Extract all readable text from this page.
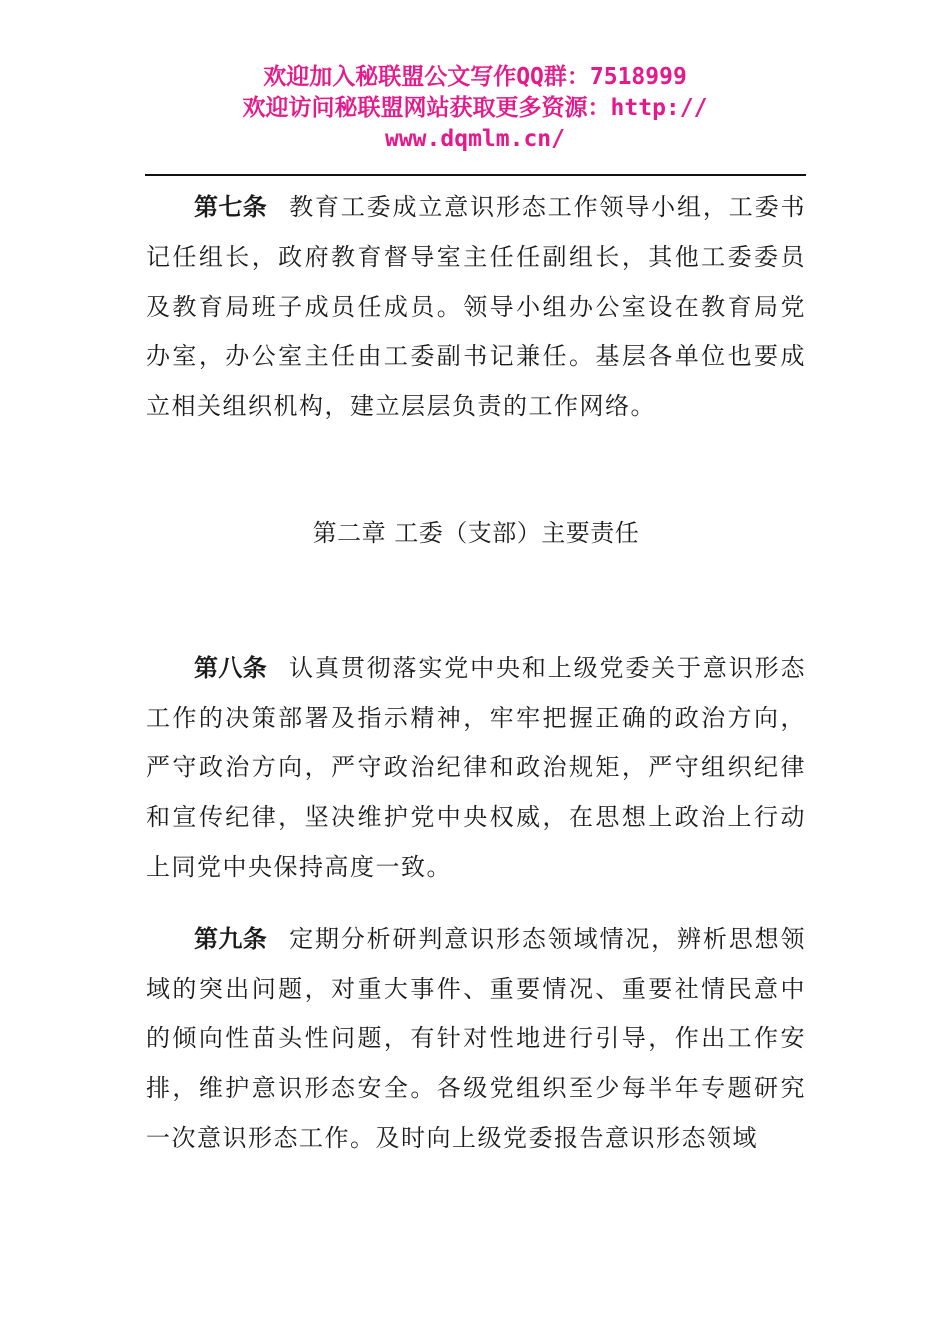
欢迎加入秘联盟公文写作QQ群：7518999
欢迎访问秘联盟网站获取更多资源：http://
www.dqmlm.cn/

第七条 教育工委成立意识形态工作领导小组，工委书记任组长，政府教育督导室主任任副组长，其他工委委员及教育局班子成员任成员。领导小组办公室设在教育局党办室，办公室主任由工委副书记兼任。基层各单位也要成立相关组织机构，建立层层负责的工作网络。

第二章 工委（支部）主要责任

第八条 认真贯彻落实党中央和上级党委关于意识形态工作的决策部署及指示精神，牢牢把握正确的政治方向，严守政治方向，严守政治纪律和政治规矩，严守组织纪律和宣传纪律，坚决维护党中央权威，在思想上政治上行动上同党中央保持高度一致。

第九条 定期分析研判意识形态领域情况，辨析思想领域的突出问题，对重大事件、重要情况、重要社情民意中的倾向性苗头性问题，有针对性地进行引导，作出工作安排，维护意识形态安全。各级党组织至少每半年专题研究一次意识形态工作。及时向上级党委报告意识形态领域
